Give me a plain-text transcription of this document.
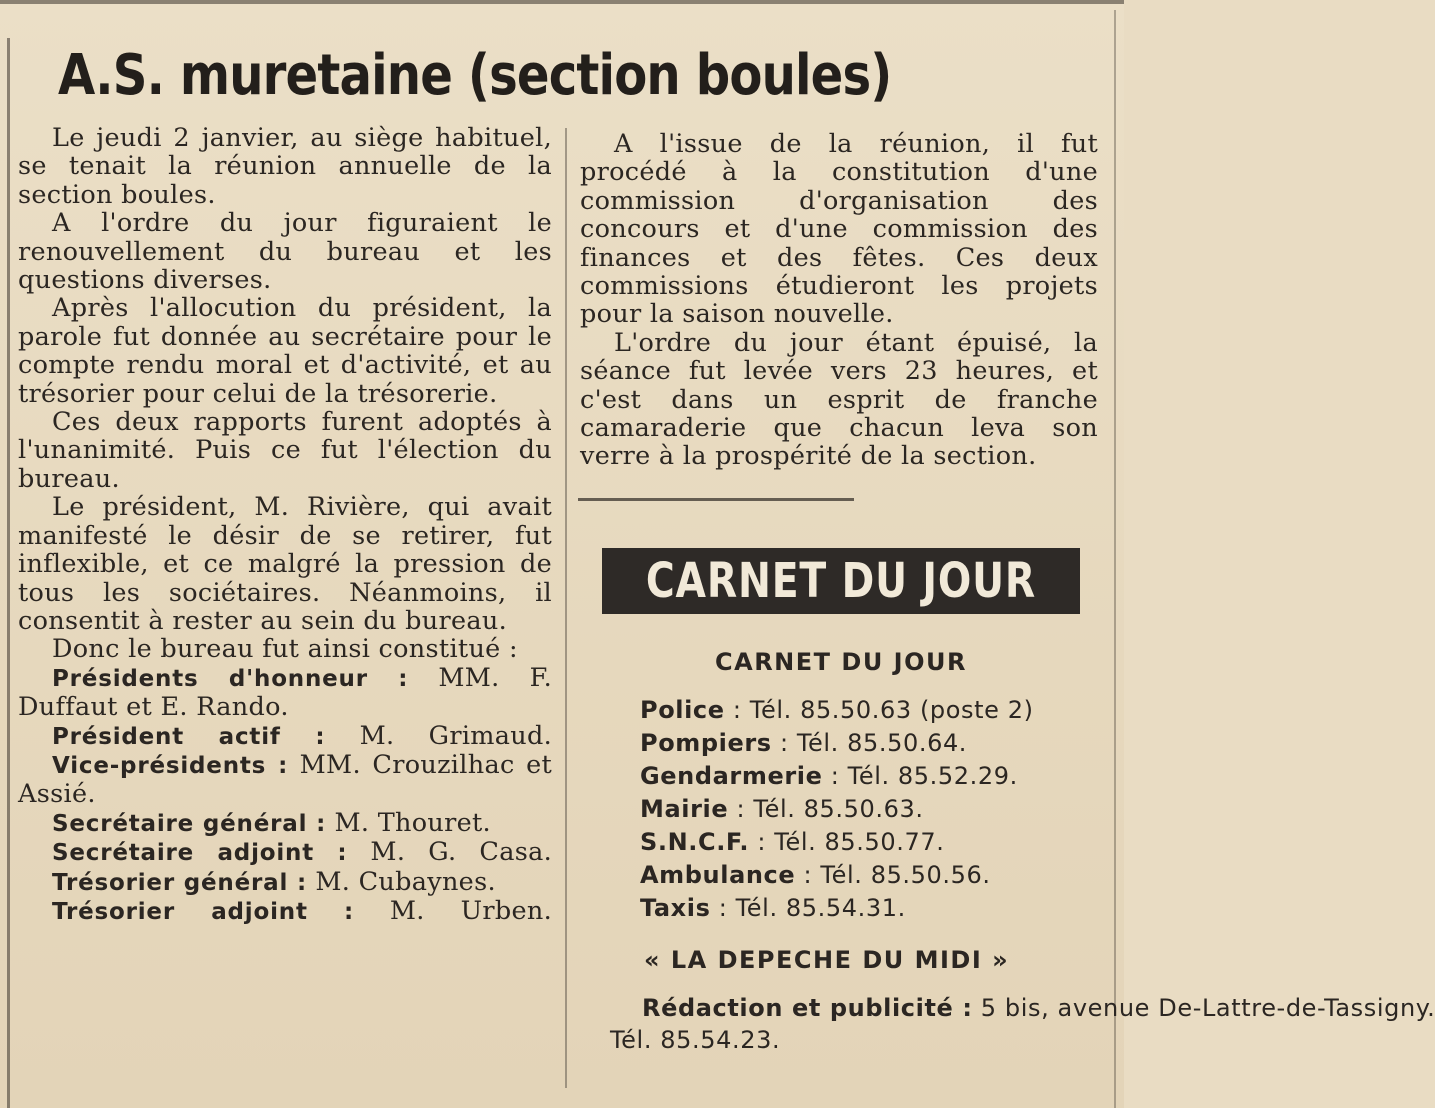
A.S. muretaine (section boules)

Le jeudi 2 janvier, au siège habituel, se tenait la réunion annuelle de la section boules.

A l'ordre du jour figuraient le renouvellement du bureau et les questions diverses.

Après l'allocution du président, la parole fut donnée au secrétaire pour le compte rendu moral et d'activité, et au trésorier pour celui de la trésorerie.

Ces deux rapports furent adoptés à l'unanimité. Puis ce fut l'élection du bureau.

Le président, M. Rivière, qui avait manifesté le désir de se retirer, fut inflexible, et ce malgré la pression de tous les sociétaires. Néanmoins, il consentit à rester au sein du bureau.

Donc le bureau fut ainsi constitué :

Présidents d'honneur : MM. F. Duffaut et E. Rando.

Président actif : M. Grimaud.

Vice-présidents : MM. Crouzilhac et Assié.

Secrétaire général : M. Thouret.

Secrétaire adjoint : M. G. Casa.

Trésorier général : M. Cubaynes.

Trésorier adjoint : M. Urben.

A l'issue de la réunion, il fut procédé à la constitution d'une commission d'organisation des concours et d'une commission des finances et des fêtes. Ces deux commissions étudieront les projets pour la saison nouvelle.

L'ordre du jour étant épuisé, la séance fut levée vers 23 heures, et c'est dans un esprit de franche camaraderie que chacun leva son verre à la prospérité de la section.

CARNET DU JOUR
CARNET DU JOUR
Police : Tél. 85.50.63 (poste 2)
Pompiers : Tél. 85.50.64.
Gendarmerie : Tél. 85.52.29.
Mairie : Tél. 85.50.63.
S.N.C.F. : Tél. 85.50.77.
Ambulance : Tél. 85.50.56.
Taxis : Tél. 85.54.31.
« LA DEPECHE DU MIDI »

Rédaction et publicité : 5 bis, avenue De-Lattre-de-Tassigny.

Tél. 85.54.23.
